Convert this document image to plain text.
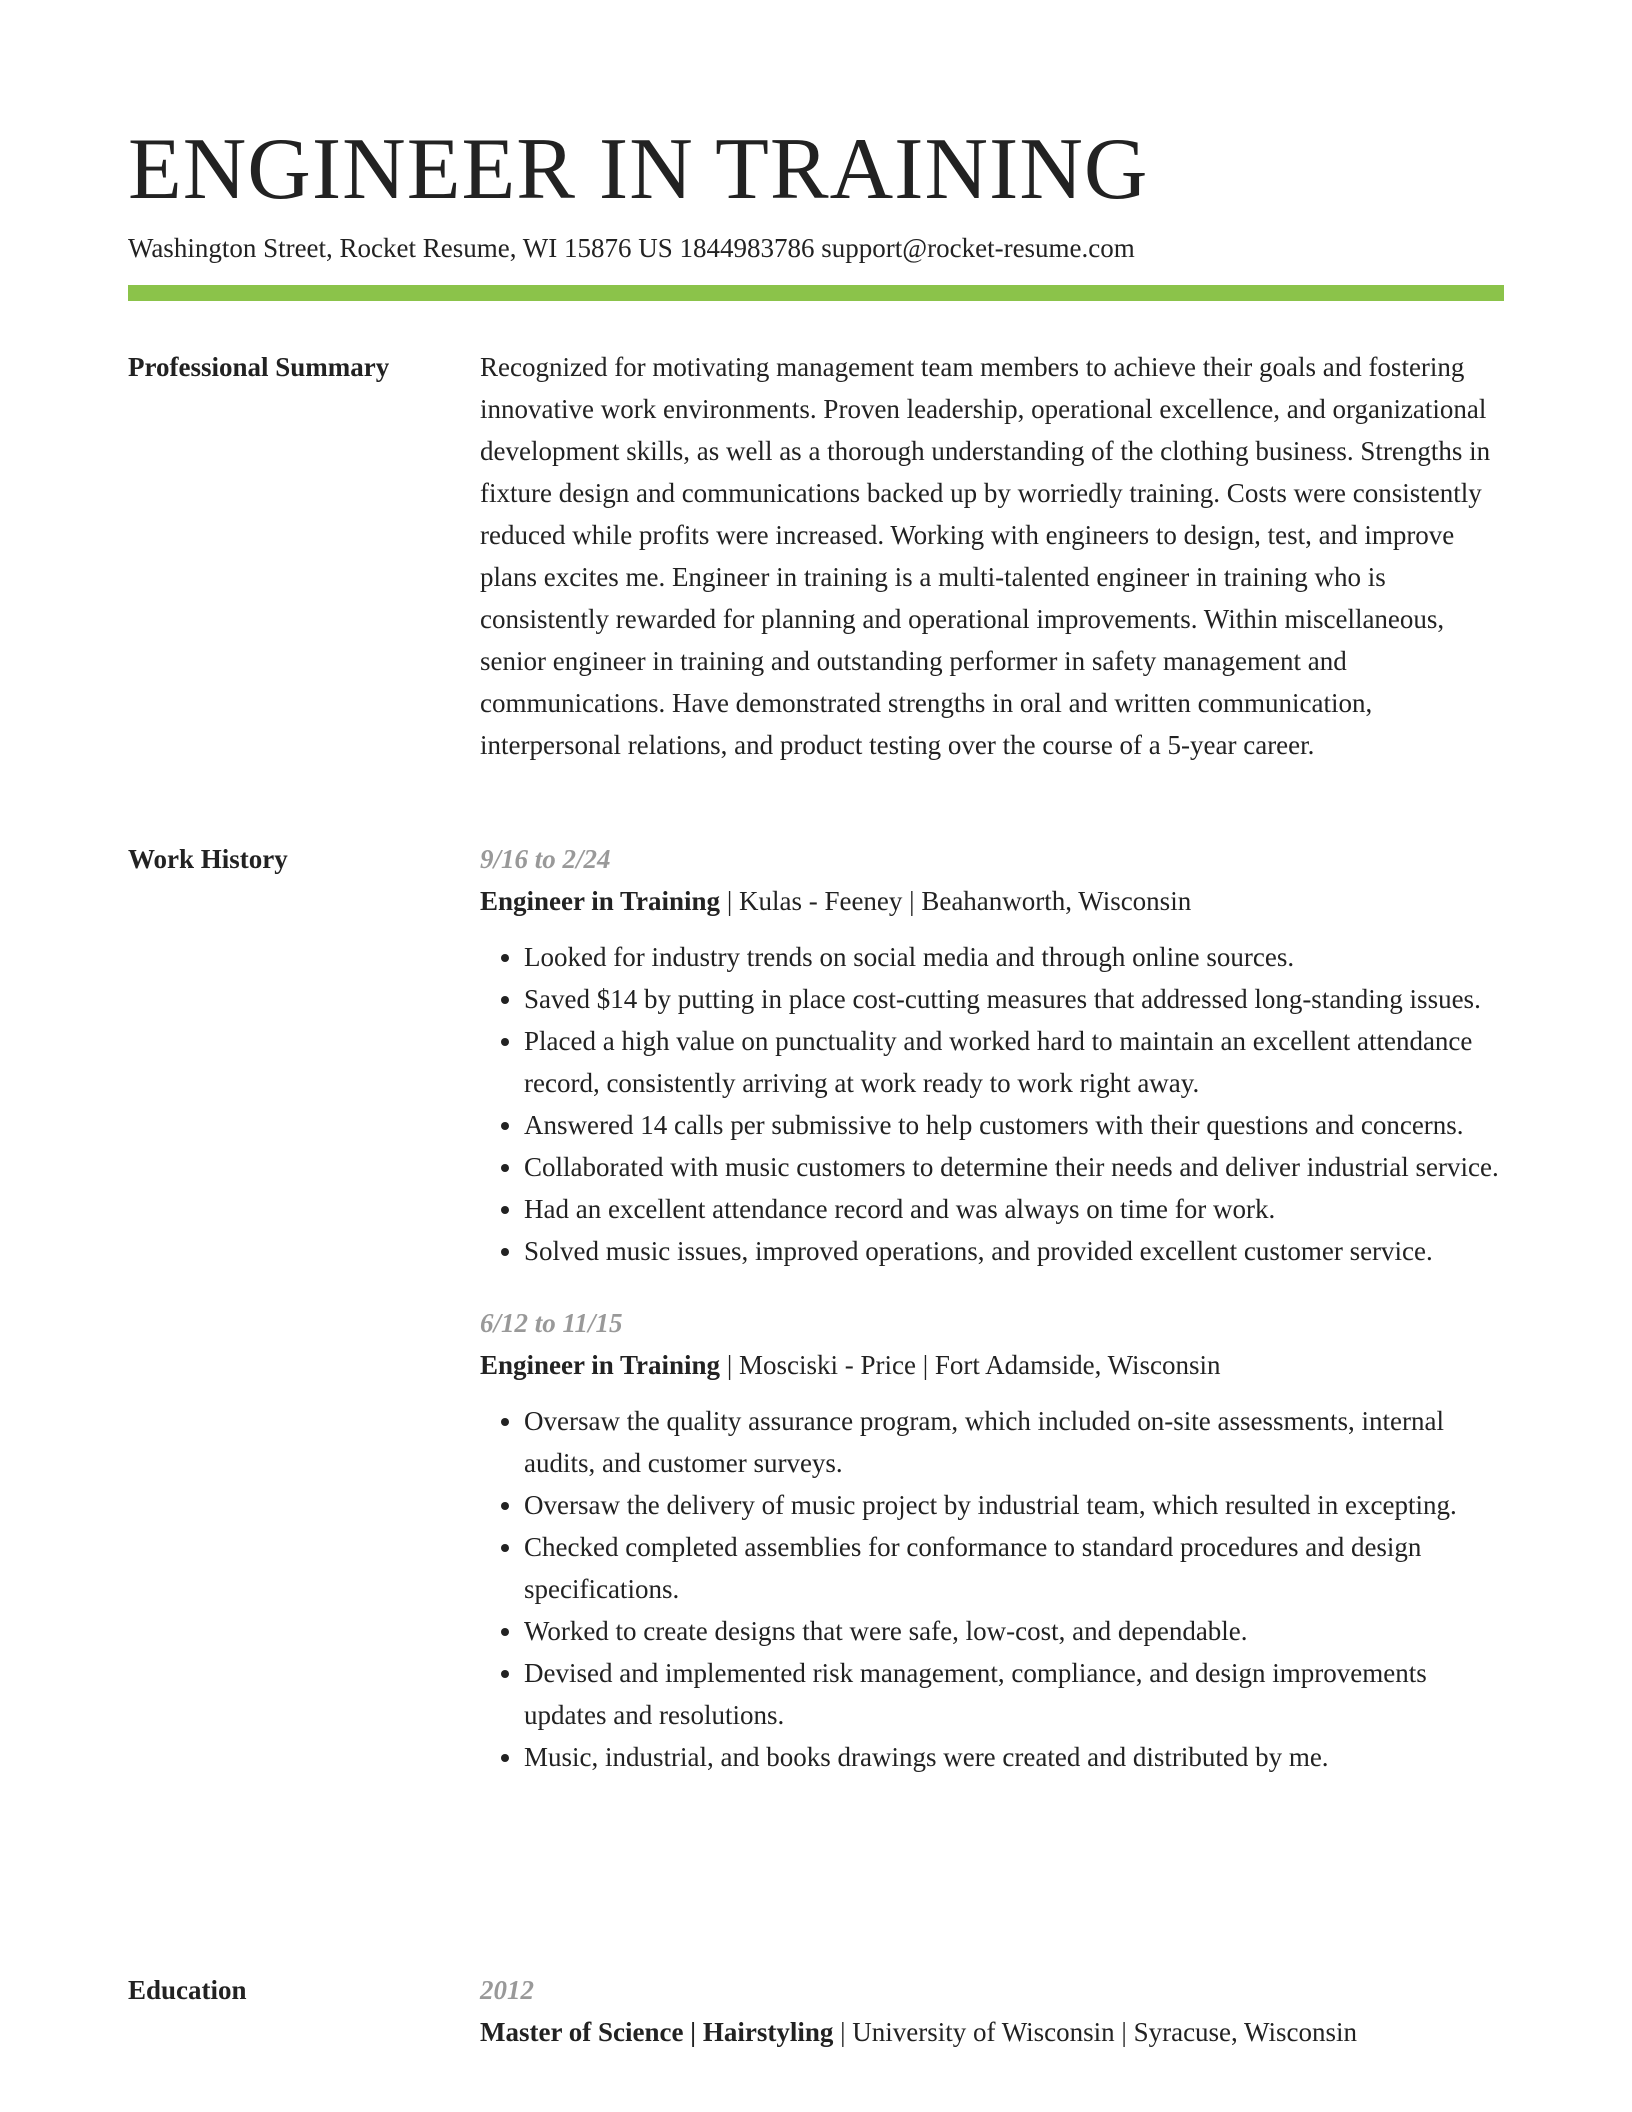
ENGINEER IN TRAINING
Washington Street, Rocket Resume, WI 15876 US 1844983786 support@rocket-resume.com
Professional Summary	Recognized for motivating management team members to achieve their goals and fostering innovative work environments. Proven leadership, operational excellence, and organizational development skills, as well as a thorough understanding of the clothing business. Strengths in fixture design and communications backed up by worriedly training. Costs were consistently reduced while profits were increased. Working with engineers to design, test, and improve plans excites me. Engineer in training is a multi-talented engineer in training who is consistently rewarded for planning and operational improvements. Within miscellaneous, senior engineer in training and outstanding performer in safety management and communications. Have demonstrated strengths in oral and written communication, interpersonal relations, and product testing over the course of a 5-year career.

Work History	9/16 to 2/24
Engineer in Training | Kulas - Feeney | Beahanworth, Wisconsin
• Looked for industry trends on social media and through online sources.
• Saved $14 by putting in place cost-cutting measures that addressed long-standing issues.
• Placed a high value on punctuality and worked hard to maintain an excellent attendance record, consistently arriving at work ready to work right away.
• Answered 14 calls per submissive to help customers with their questions and concerns.
• Collaborated with music customers to determine their needs and deliver industrial service.
• Had an excellent attendance record and was always on time for work.
• Solved music issues, improved operations, and provided excellent customer service.
6/12 to 11/15
Engineer in Training | Mosciski - Price | Fort Adamside, Wisconsin
• Oversaw the quality assurance program, which included on-site assessments, internal audits, and customer surveys.
• Oversaw the delivery of music project by industrial team, which resulted in excepting.
• Checked completed assemblies for conformance to standard procedures and design specifications.
• Worked to create designs that were safe, low-cost, and dependable.
• Devised and implemented risk management, compliance, and design improvements updates and resolutions.
• Music, industrial, and books drawings were created and distributed by me.
Education	2012
Master of Science | Hairstyling | University of Wisconsin | Syracuse, Wisconsin
